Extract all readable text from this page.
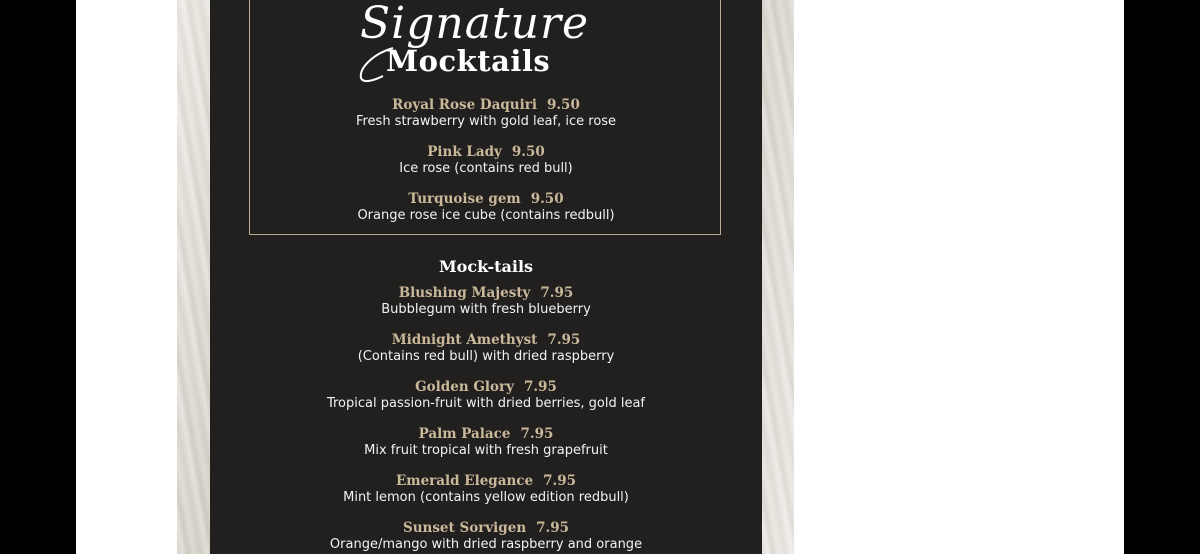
Signature
Mocktails
Royal Rose Daquiri 9.50
Fresh strawberry with gold leaf, ice rose
Pink Lady 9.50
Ice rose (contains red bull)
Turquoise gem 9.50
Orange rose ice cube (contains redbull)
Mock-tails
Blushing Majesty 7.95
Bubblegum with fresh blueberry
Midnight Amethyst 7.95
(Contains red bull) with dried raspberry
Golden Glory 7.95
Tropical passion-fruit with dried berries, gold leaf
Palm Palace 7.95
Mix fruit tropical with fresh grapefruit
Emerald Elegance 7.95
Mint lemon (contains yellow edition redbull)
Sunset Sorvigen 7.95
Orange/mango with dried raspberry and orange
